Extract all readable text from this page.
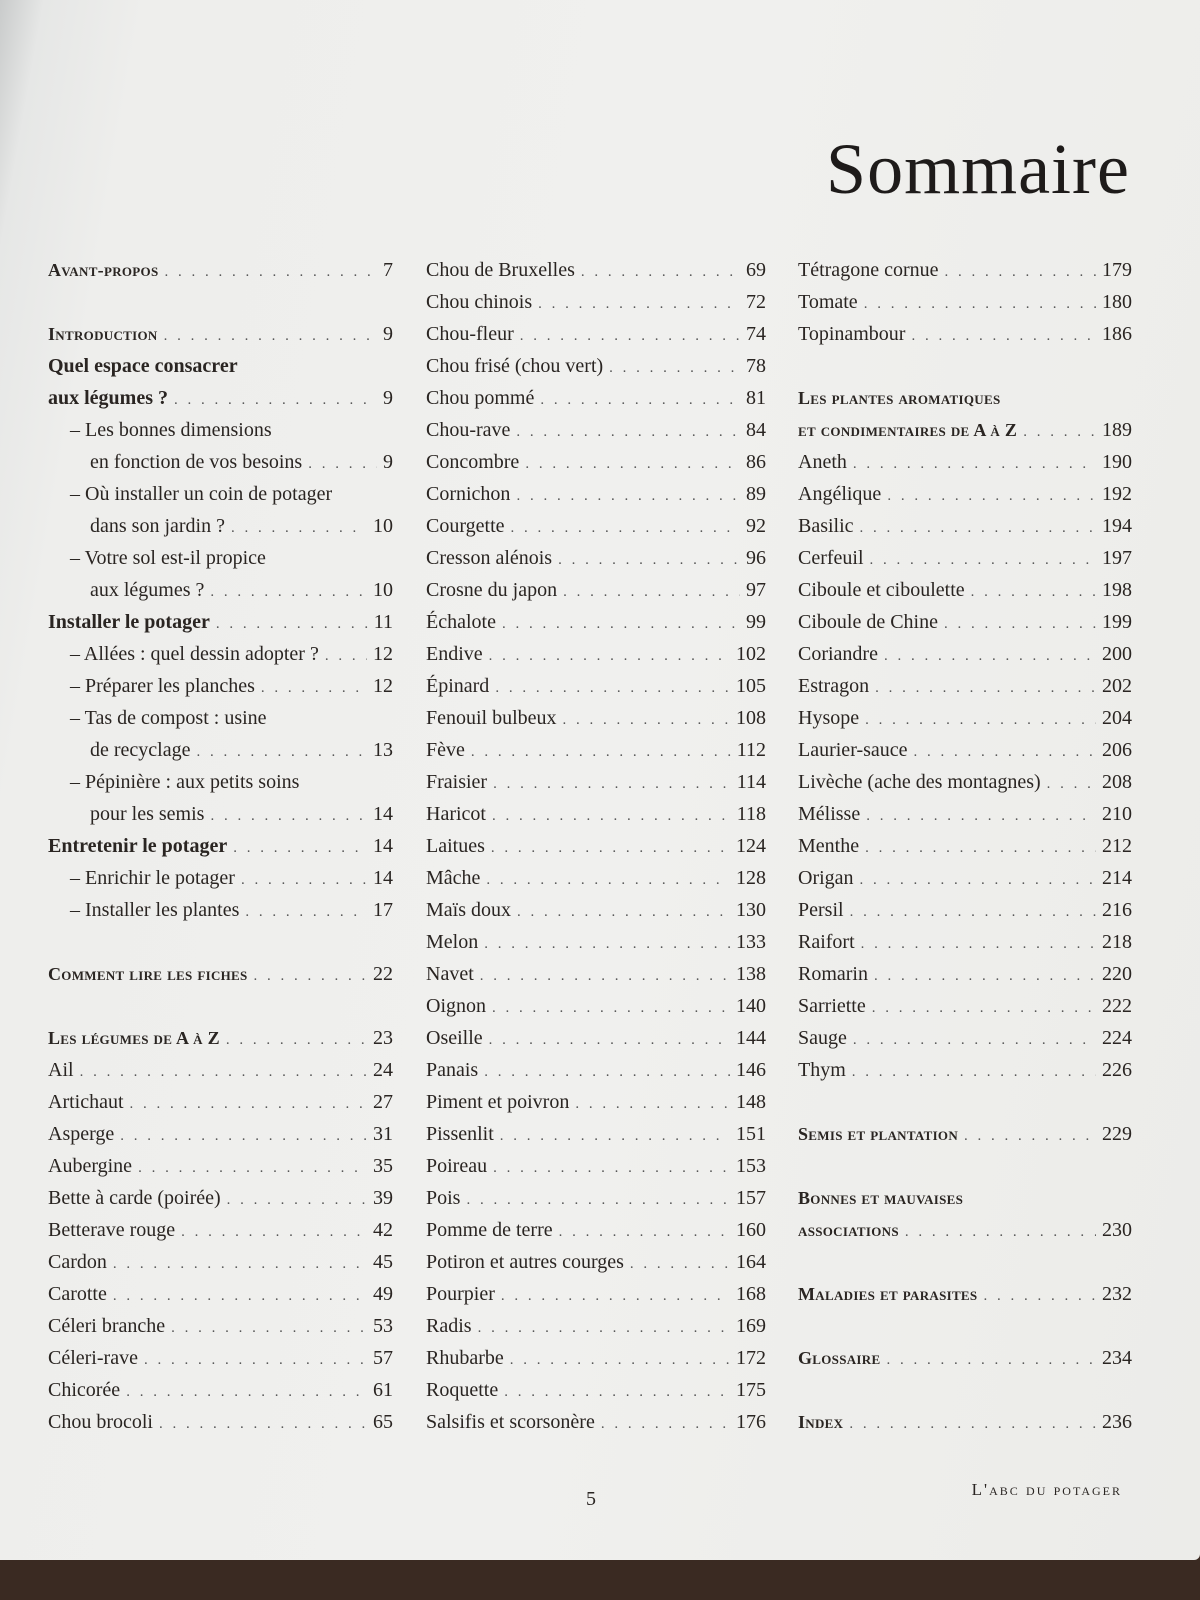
Sommaire
Avant-propos . . .	7
Introduction . . .	9
Quel espace consacrer
aux légumes ? . . .	9
– Les bonnes dimensions
en fonction de vos besoins . . .	9
– Où installer un coin de potager
dans son jardin ? . . .	10
– Votre sol est-il propice
aux légumes ? . . .	10
Installer le potager . . .	11
– Allées : quel dessin adopter ? . . .	12
– Préparer les planches . . .	12
– Tas de compost : usine
de recyclage . . .	13
– Pépinière : aux petits soins
pour les semis . . .	14
Entretenir le potager . . .	14
– Enrichir le potager . . .	14
– Installer les plantes . . .	17
Comment lire les fiches . . .	22
Les légumes de A à Z . . .	23
Ail . . .	24
Artichaut . . .	27
Asperge . . .	31
Aubergine . . .	35
Bette à carde (poirée) . . .	39
Betterave rouge . . .	42
Cardon . . .	45
Carotte . . .	49
Céleri branche . . .	53
Céleri-rave . . .	57
Chicorée . . .	61
Chou brocoli . . .	65
Chou de Bruxelles . . .	69
Chou chinois . . .	72
Chou-fleur . . .	74
Chou frisé (chou vert) . . .	78
Chou pommé . . .	81
Chou-rave . . .	84
Concombre . . .	86
Cornichon . . .	89
Courgette . . .	92
Cresson alénois . . .	96
Crosne du japon . . .	97
Échalote . . .	99
Endive . . .	102
Épinard . . .	105
Fenouil bulbeux . . .	108
Fève . . .	112
Fraisier . . .	114
Haricot . . .	118
Laitues . . .	124
Mâche . . .	128
Maïs doux . . .	130
Melon . . .	133
Navet . . .	138
Oignon . . .	140
Oseille . . .	144
Panais . . .	146
Piment et poivron . . .	148
Pissenlit . . .	151
Poireau . . .	153
Pois . . .	157
Pomme de terre . . .	160
Potiron et autres courges . . .	164
Pourpier . . .	168
Radis . . .	169
Rhubarbe . . .	172
Roquette . . .	175
Salsifis et scorsonère . . .	176
Tétragone cornue . . .	179
Tomate . . .	180
Topinambour . . .	186
Les plantes aromatiques
et condimentaires de A à Z . . .	189
Aneth . . .	190
Angélique . . .	192
Basilic . . .	194
Cerfeuil . . .	197
Ciboule et ciboulette . . .	198
Ciboule de Chine . . .	199
Coriandre . . .	200
Estragon . . .	202
Hysope . . .	204
Laurier-sauce . . .	206
Livèche (ache des montagnes) . . .	208
Mélisse . . .	210
Menthe . . .	212
Origan . . .	214
Persil . . .	216
Raifort . . .	218
Romarin . . .	220
Sarriette . . .	222
Sauge . . .	224
Thym . . .	226
Semis et plantation . . .	229
Bonnes et mauvaises
associations . . .	230
Maladies et parasites . . .	232
Glossaire . . .	234
Index . . .	236
5	L'abc du potager
